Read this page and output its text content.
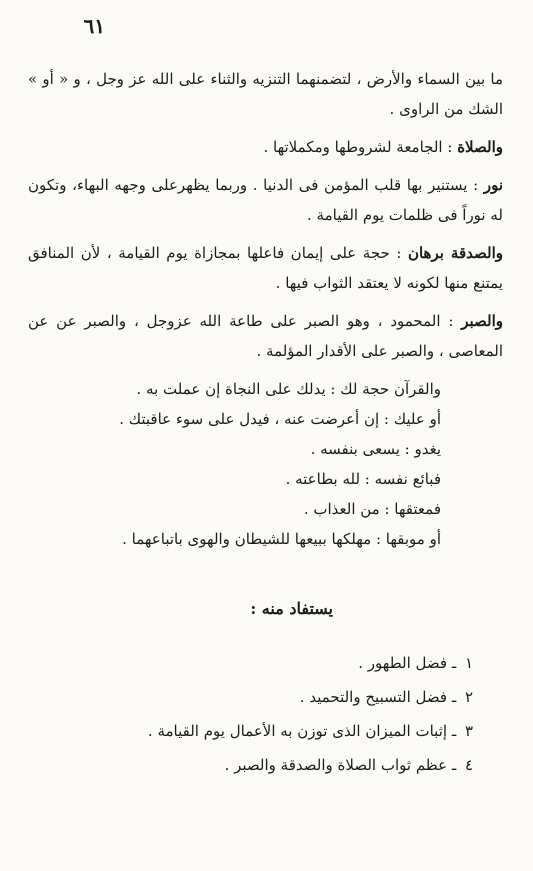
٦١

ما بين السماء والأرض ، لتضمنهما التنزيه والثناء على الله عز وجل ، و « أو » الشك من الراوى .

والصلاة : الجامعة لشروطها ومكملاتها .

نور : يستنير بها قلب المؤمن فى الدنيا . وربما يظهرعلى وجهه البهاء، وتكون له نوراً فى ظلمات يوم القيامة .

والصدقة برهان : حجة على إيمان فاعلها بمجازاة يوم القيامة ، لأن المنافق يمتنع منها لكونه لا يعتقد الثواب فيها .

والصبر : المحمود ، وهو الصبر على طاعة الله عزوجل ، والصبر عن عن المعاصى ، والصبر على الأقدار المؤلمة .

والقرآن حجة لك : يدلك على النجاة إن عملت به .
أو عليك : إن أعرضت عنه ، فيدل على سوء عاقبتك .
يغدو : يسعى بنفسه .
فبائع نفسه : لله بطاعته .
فمعتقها : من العذاب .
أو موبقها : مهلكها ببيعها للشيطان والهوى باتباعهما .
يستفاد منه :
١ ـ فضل الطهور .
٢ ـ فضل التسبيح والتحميد .
٣ ـ إثبات الميزان الذى توزن به الأعمال يوم القيامة .
٤ ـ عظم ثواب الصلاة والصدقة والصبر .
